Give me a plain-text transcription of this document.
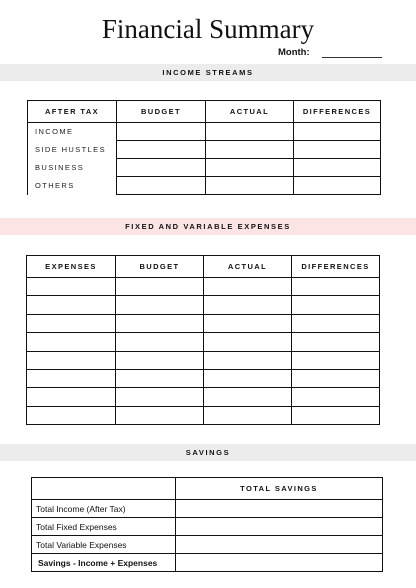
Financial Summary
Month:
INCOME STREAMS
AFTER TAX	BUDGET	ACTUAL	DIFFERENCES
INCOME			
SIDE HUSTLES			
BUSINESS			
OTHERS			
FIXED AND VARIABLE EXPENSES
EXPENSES	BUDGET	ACTUAL	DIFFERENCES

SAVINGS
	TOTAL SAVINGS
Total Income (After Tax)	
Total Fixed Expenses	
Total Variable Expenses	
Savings - Income + Expenses	
